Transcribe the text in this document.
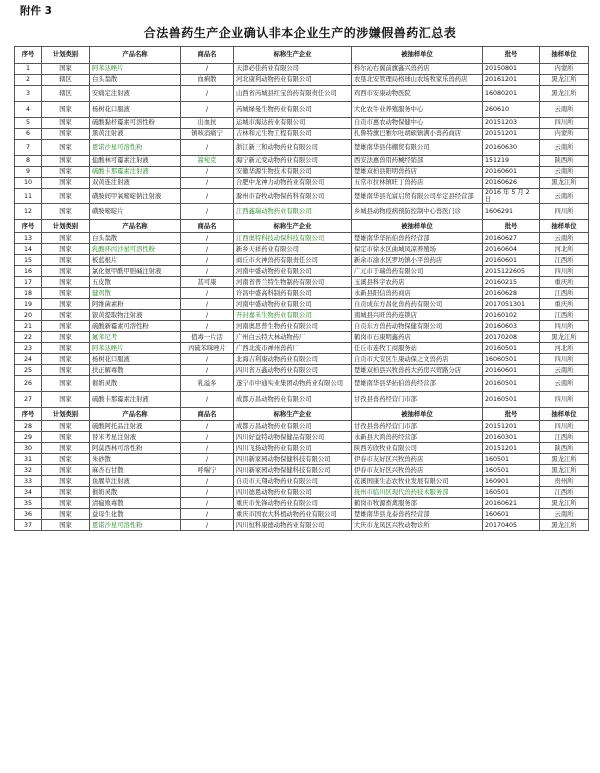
附件 3
合法兽药生产企业确认非本企业生产的涉嫌假兽药汇总表
序号	计划类别	产品名称	商品名	标称生产企业	被抽样单位	批号	抽样单位
1	国家	阿苯达唑片	/	天津必佳药业有限公司	科尔沁右翼前旗鑫兴兽药店	20150801	内蒙所
2	辖区	白头翁散	血痢散	河北康利动物药业有限公司	农垦北安管理局格球山农场牧家乐兽药店	20161201	黑龙江所
3	辖区	安痛定注射液	/	山西省芮城县红宝兽药有限责任公司	鸡西市安康动物医院	16080201	黑龙江所
4	国家	杨树花口服液	/	芮城绿曼生物药业有限公司	大化农牛业养殖服务中心	260610	云南所
5	国家	硫酸黏杆霉素可溶性粉	出血抗	运城市海达药业有限公司	自贡市惠农动物保健中心	20151203	四川所
6	国家	黑黄注射液	镇咳消痛宁	吉林和元生物工程有限公司	扎鲁特旗巴雅尔吐胡硕镇满小兽药商店	20151201	内蒙所
7	国家	恩诺沙星可溶性粉	/	浙江新三和动物药业有限公司	楚雄南华县伟棚贸有限公司	20160630	云南所
8	国家	盐酸林可霉素注射液	篙宛克	海宁新元变动物药业有限公司	西安法惠兽用药械经销部	151219	陕西所
9	国家	硫酸卡那霉素注射液	/	安徽华源生物技术有限公司	楚雄双柏县阳明兽药店	20160601	云南所
10	国家	双黄连注射液	/	合肥中龙神力动物药业有限公司	五常市拉林镇旺丁兽药店	20160626	黑龙江所
11	国家	磺胺间甲氧嘧啶钠注射液	/	滁州市奋牧动物保药科有限公司	楚雄南华县光富启贸有限公司牟定县经营部	2016 年 5 月 2 日	云南所
12	国家	磺胺嘧啶片	/	江西鑫瑞动物药业有限公司	乡城县动物疫病预防控制中心兽医门诊	1606291	四川所
序号	计划类别	产品名称	商品名	标称生产企业	被抽样单位	批号	抽样单位
13	国家	白头翁散	/	江西奥特科技动保科技有限公司	楚雄南华华拓伯兽药经营部	20160627	云南所
14	国家	乳酸环丙沙星可溶性粉	/	新乡天祥药业有限公司	保定市徐水区曲城凤凉养殖场	20160604	河北所
15	国家	板蓝根片	/	商丘市火神兽药有限责任公司	新余市渝水区罗坊镇小平兽药店	20160601	江西所
16	国家	氯化氨甲酰甲胆碱注射液	/	河南中盛动物药业有限公司	广元市于瑞兽药有限公司	2015122605	四川所
17	国家	五皮散	甚可康	河南省普兰特生物制药有限公司	玉溪县科宇农药店	20160215	重庆所
18	国家	健鸡散	/	许昌中盛高科制药有限公司	永新县阳信兽药商店	20160628	江西所
19	国家	阿维菌素粉	/	河南中盛动物药业有限公司	自贡成东方昌化兽药药有限公司	2017051301	重庆所
20	国家	银黄提取物注射液	/	开封嘉禾生物药业有限公司	南城县兴旺兽药连锁店	20160102	江西所
21	国家	硫酸新霉素可溶性粉	/	河南奥思普生物药业有限公司	自贡东方兽药动物保健有限公司	20160603	四川所
22	国家	氟苯尼考	值毒一片活	广州白云特大林动物药厂	鹤岗市石康明鑫药店	20170208	黑龙江所
23	国家	阿苯达唑片	丙硫苯咪唑片	广西北流市禅州兽药厂	任丘市连牧工商服务站	20160501	河北所
24	国家	杨树花口服液	/	北海吉利康动物药业有限公司	自贡市大安区生康动保之文兽药店	16060501	四川所
25	国家	扶正解毒散	/	四川省万鑫动物药业有限公司	楚雄双柏县兴牧兽药大药房兴贸路分店	20160601	云南所
26	国家	催奶灵散	乳溢多	遂宁市中通实业集团动物药业有限公司	楚雄南华县华拓伯兽药经营部	20160501	云南所
27	国家	硫酸卡那霉素注射液	/	成都万昌动物药业有限公司	甘孜县兽药经营门市部	20160501	四川所
序号	计划类别	产品名称	商品名	标称生产企业	被抽样单位	批号	抽样单位
28	国家	硫酸阿托品注射液	/	成都万昌动物药业有限公司	甘孜县兽药经营门市部	20151201	四川所
29	国家	替米考星注射液	/	四川好益特动物保健品有限公司	永新县大鸿兽药经营部	20160301	江西所
30	国家	阿莫西林可溶性粉	/	四川飞扬动物药业有限公司	陕西芳欣牧业有限公司	20151201	陕西所
31	国家	朱砂散	/	四川新家园动物保健科技有限公司	伊春市友好区兴牧兽药店	160501	黑龙江所
32	国家	麻杏石甘散	呼喘宁	四川新家园动物保健科技有限公司	伊春市友好区兴牧兽药店	160501	黑龙江所
33	国家	鱼腥草注射液	/	自贡市天翔动物药业有限公司	花溪国康生态农牧业发展有限公司	160901	贵州所
34	国家	催奶灵散	/	四川德恩动物药业有限公司	抚州市临川区现代兽药技术服务部	160501	江西所
35	国家	清瘟败毒散	/	重庆市先锋动物药业有限公司	鹤岗市牧源畜禽服务部	20160621	黑龙江所
36	国家	益母生化散	/	重庆市国农大科植动物药业有限公司	楚雄南华县龙泰兽药经营部	160601	云南所
37	国家	恩诺沙星可溶性粉	/	四川恒科康德动物药业有限公司	大庆市龙凤区兴牧动物诊所	20170405	黑龙江所
